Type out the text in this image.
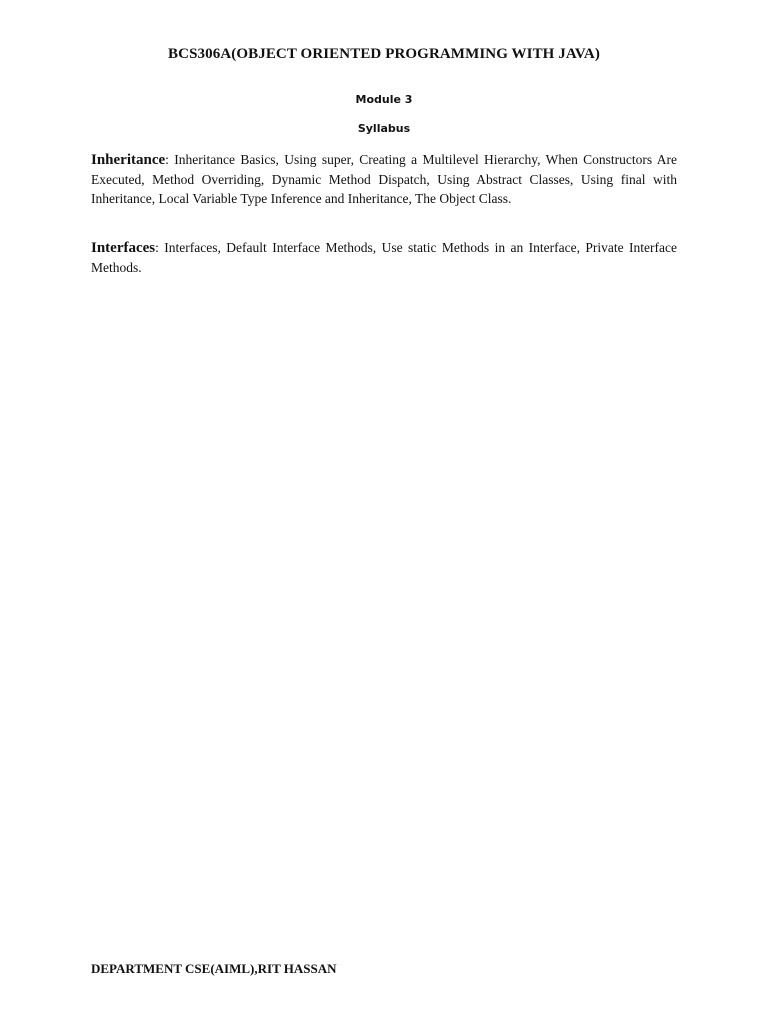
BCS306A(OBJECT ORIENTED PROGRAMMING WITH JAVA)
Module 3
Syllabus

Inheritance: Inheritance Basics, Using super, Creating a Multilevel Hierarchy, When Constructors Are Executed, Method Overriding, Dynamic Method Dispatch, Using Abstract Classes, Using final with Inheritance, Local Variable Type Inference and Inheritance, The Object Class.

Interfaces: Interfaces, Default Interface Methods, Use static Methods in an Interface, Private Interface Methods.

DEPARTMENT CSE(AIML),RIT HASSAN
